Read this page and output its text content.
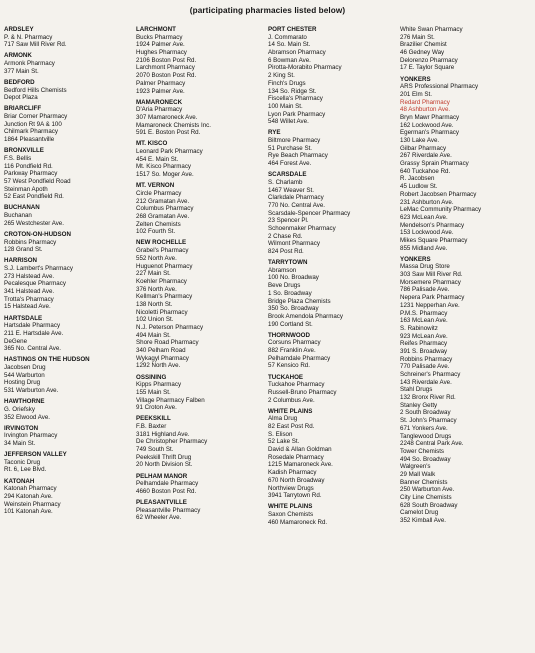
(participating pharmacies listed below)
ARDSLEY
P. & N. Pharmacy
717 Saw Mill River Rd.
ARMONK
Armonk Pharmacy
377 Main St.
BEDFORD
Bedford Hills Chemists
Depot Plaza
BRIARCLIFF
Briar Corner Pharmacy
Junction Rt 9A & 100
Chilmark Pharmacy
1864 Pleasantville
BRONXVILLE
F.S. Bellis
116 Pondfield Rd.
Parkway Pharmacy
57 West Pondfield Road
Steinman Apoth
52 East Pondfield Rd.
BUCHANAN
Buchanan
265 Westchester Ave.
CROTON-ON-HUDSON
Robbins Pharmacy
128 Grand St.
HARRISON
S.J. Lambert's Pharmacy
273 Halstead Ave.
Pecalesque Pharmacy
341 Halstead Ave.
Trotta's Pharmacy
15 Halstead Ave.
HARTSDALE
Hartsdale Pharmacy
211 E. Hartsdale Ave.
DeGene
365 No. Central Ave.
HASTINGS ON THE HUDSON
Jacobsen Drug
544 Warburton
Hosting Drug
531 Warburton Ave.
HAWTHORNE
G. Oriefsky
352 Elwood Ave.
IRVINGTON
Irvington Pharmacy
34 Main St.
JEFFERSON VALLEY
Taconic Drug
Rt. 6, Lee Blvd.
KATONAH
Katonah Pharmacy
294 Katonah Ave.
Weinstein Pharmacy
101 Katonah Ave.
LARCHMONT
Bucks Pharmacy
1924 Palmer Ave.
Hughes Pharmacy
2106 Boston Post Rd.
Larchmont Pharmacy
2070 Boston Post Rd.
Palmer Pharmacy
1923 Palmer Ave.
MAMARONECK
D'Aria Pharmacy
307 Mamaroneck Ave.
Mamaroneck Chemists Inc.
591 E. Boston Post Rd.
MT. KISCO
Leonard Park Pharmacy
454 E. Main St.
Mt. Kisco Pharmacy
1517 So. Moger Ave.
MT. VERNON
Circle Pharmacy
212 Gramatan Ave.
Columbus Pharmacy
268 Gramatan Ave.
Zelten Chemists
102 Fourth St.
NEW ROCHELLE
Grabel's Pharmacy
552 North Ave.
Huguenot Pharmacy
227 Main St.
Koehler Pharmacy
376 North Ave.
Kellman's Pharmacy
138 North St.
Nicoletti Pharmacy
102 Union St.
N.J. Peterson Pharmacy
494 Main St.
Shore Road Pharmacy
340 Pelham Road
Wykagyl Pharmacy
1292 North Ave.
OSSINING
Kipps Pharmacy
155 Main St.
Village Pharmacy Falben
91 Croton Ave.
PEEKSKILL
F.B. Baxter
3181 Highland Ave.
De Christopher Pharmacy
749 South St.
Peekskill Thrift Drug
20 North Division St.
PELHAM MANOR
Pelhamdale Pharmacy
4660 Boston Post Rd.
PLEASANTVILLE
Pleasantville Pharmacy
62 Wheeler Ave.
PORT CHESTER
J. Commarato
14 So. Main St.
Abramson Pharmacy
6 Bowman Ave.
Pirotta-Morabito Pharmacy
2 King St.
Finch's Drugs
134 So. Ridge St.
Fiscella's Pharmacy
100 Main St.
Lyon Park Pharmacy
548 Willet Ave.
RYE
Biltmore Pharmacy
51 Purchase St.
Rye Beach Pharmacy
464 Forest Ave.
SCARSDALE
S. Charlamb
1467 Weaver St.
Clarkdale Pharmacy
770 No. Central Ave.
Scarsdale-Spencer Pharmacy
23 Spencer Pl.
Schoenmaker Pharmacy
2 Chase Rd.
Wilmont Pharmacy
824 Post Rd.
TARRYTOWN
Abramson
100 No. Broadway
Beve Drugs
1 So. Broadway
Bridge Plaza Chemists
350 So. Broadway
Brook Amendola Pharmacy
190 Cortland St.
THORNWOOD
Corsuns Pharmacy
882 Franklin Ave.
Pelhamdale Pharmacy
57 Kensico Rd.
TUCKAHOE
Tuckahoe Pharmacy
Russell-Bruno Pharmacy
2 Columbus Ave.
WHITE PLAINS
Alma Drug
82 East Post Rd.
S. Elison
52 Lake St.
David & Allan Goldman
Rosedale Pharmacy
1215 Mamaroneck Ave.
Kadish Pharmacy
670 North Broadway
Northview Drugs
3941 Tarrytown Rd.
WHITE PLAINS
Saxon Chemists
460 Mamaroneck Rd.
White Swan Pharmacy
276 Main St.
Brazilier Chemist
46 Gedney Way
Delorenzo Pharmacy
17 E. Taylor Square
YONKERS
ARS Professional Pharmacy
201 Elm St.
Redard Pharmacy
48 Ashburton Ave.
Bryn Mawr Pharmacy
162 Lockwood Ave.
Egerman's Pharmacy
130 Lake Ave.
Gilbar Pharmacy
267 Riverdale Ave.
Grassy Sprain Pharmacy
640 Tuckahoe Rd.
R. Jacobsen
45 Ludlow St.
Robert Jacobsen Pharmacy
231 Ashburton Ave.
LeMac Community Pharmacy
623 McLean Ave.
Mendelson's Pharmacy
153 Lockwood Ave.
Mikes Square Pharmacy
855 Midland Ave.
YONKERS
Massa Drug Store
303 Saw Mill River Rd.
Morsemere Pharmacy
786 Palisade Ave.
Nepera Park Pharmacy
1231 Nepperhan Ave.
P.M.S. Pharmacy
163 McLean Ave.
S. Rabinowitz
923 McLean Ave.
Reifes Pharmacy
391 S. Broadway
Robbins Pharmacy
770 Palisade Ave.
Schreiner's Pharmacy
143 Riverdale Ave.
Stahl Drugs
132 Bronx River Rd.
Stanley Getty
2 South Broadway
St. John's Pharmacy
671 Yonkers Ave.
Tanglewood Drugs
2248 Central Park Ave.
Tower Chemists
494 So. Broadway
Walgreen's
29 Mall Walk
Banner Chemists
250 Warburton Ave.
City Line Chemists
628 South Broadway
Camelot Drug
352 Kimball Ave.
